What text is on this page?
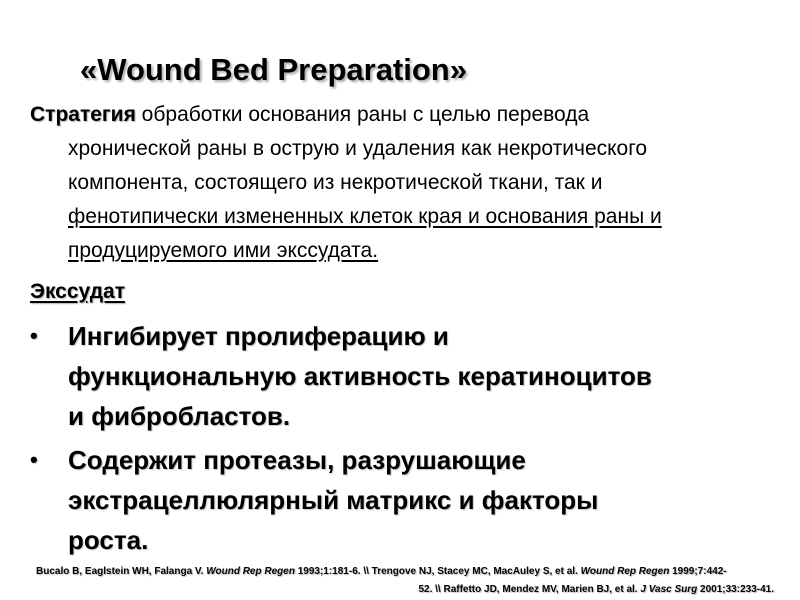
«Wound Bed Preparation»
Стратегия обработки основания раны с целью перевода
хронической раны в острую и удаления как некротического
компонента, состоящего из некротической ткани, так и
фенотипически измененных клеток края и основания раны и
продуцируемого ими экссудата.
Экссудат
•	Ингибирует пролиферацию и
функциональную активность кератиноцитов
и фибробластов.
•	Содержит протеазы, разрушающие
экстрацеллюлярный матрикс и факторы
роста.
Bucalo B, Eaglstein WH, Falanga V. Wound Rep Regen 1993;1:181-6. \\ Trengove NJ, Stacey MC, MacAuley S, et al. Wound Rep Regen 1999;7:442-
52. \\ Raffetto JD, Mendez MV, Marien BJ, et al. J Vasc Surg 2001;33:233-41.
